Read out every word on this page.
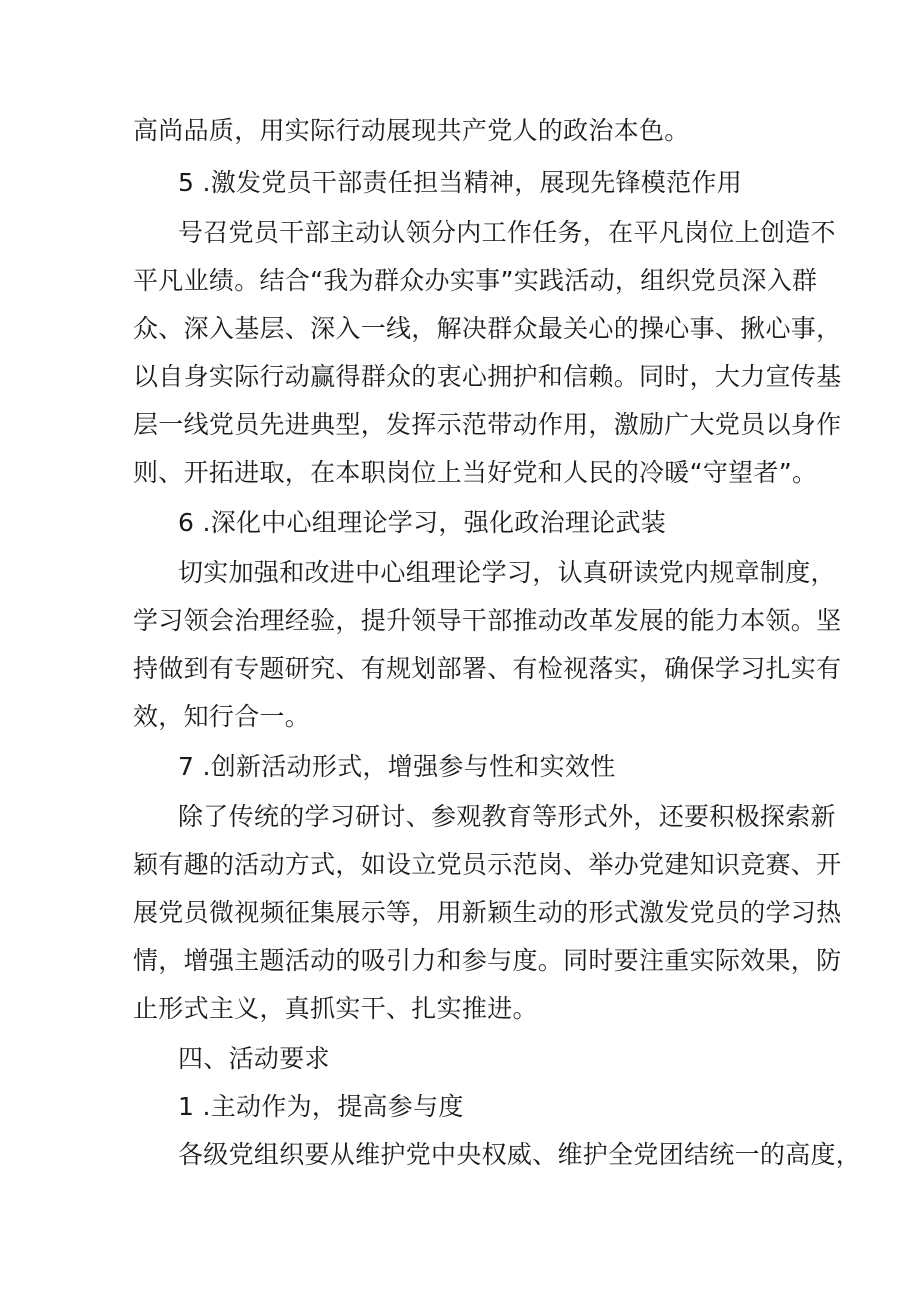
高尚品质，用实际行动展现共产党人的政治本色。
5 .激发党员干部责任担当精神，展现先锋模范作用
号召党员干部主动认领分内工作任务，在平凡岗位上创造不
平凡业绩。结合“我为群众办实事”实践活动，组织党员深入群
众、深入基层、深入一线，解决群众最关心的操心事、揪心事，
以自身实际行动赢得群众的衷心拥护和信赖。同时，大力宣传基
层一线党员先进典型，发挥示范带动作用，激励广大党员以身作
则、开拓进取，在本职岗位上当好党和人民的冷暖“守望者”。
6 .深化中心组理论学习，强化政治理论武装
切实加强和改进中心组理论学习，认真研读党内规章制度，
学习领会治理经验，提升领导干部推动改革发展的能力本领。坚
持做到有专题研究、有规划部署、有检视落实，确保学习扎实有
效，知行合一。
7 .创新活动形式，增强参与性和实效性
除了传统的学习研讨、参观教育等形式外，还要积极探索新
颖有趣的活动方式，如设立党员示范岗、举办党建知识竞赛、开
展党员微视频征集展示等，用新颖生动的形式激发党员的学习热
情，增强主题活动的吸引力和参与度。同时要注重实际效果，防
止形式主义，真抓实干、扎实推进。
四、活动要求
1 .主动作为，提高参与度
各级党组织要从维护党中央权威、维护全党团结统一的高度，
